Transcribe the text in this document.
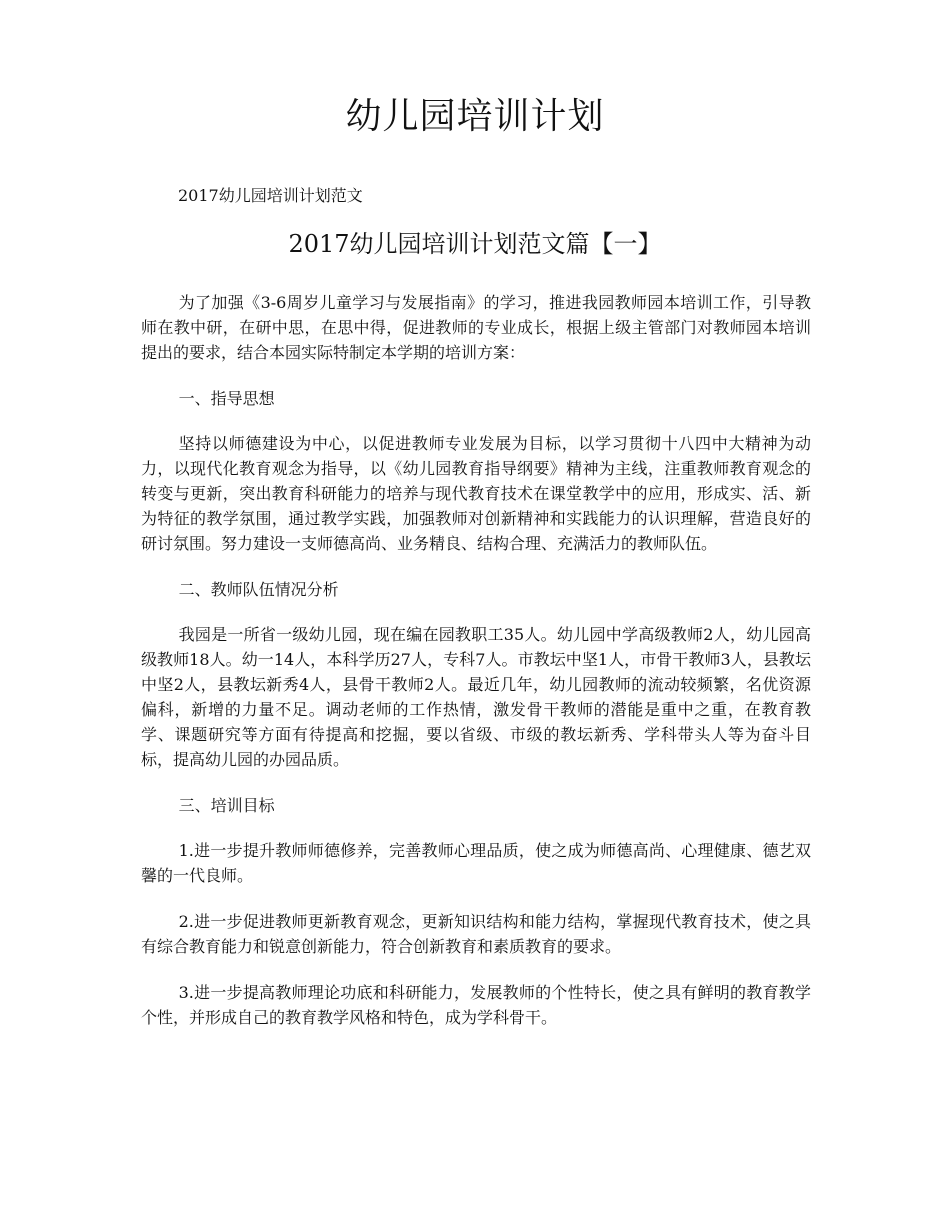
幼儿园培训计划
2017幼儿园培训计划范文
2017幼儿园培训计划范文篇【一】

为了加强《3-6周岁儿童学习与发展指南》的学习，推进我园教师园本培训工作，引导教师在教中研，在研中思，在思中得，促进教师的专业成长，根据上级主管部门对教师园本培训提出的要求，结合本园实际特制定本学期的培训方案：

一、指导思想

坚持以师德建设为中心，以促进教师专业发展为目标，以学习贯彻十八四中大精神为动力，以现代化教育观念为指导，以《幼儿园教育指导纲要》精神为主线，注重教师教育观念的转变与更新，突出教育科研能力的培养与现代教育技术在课堂教学中的应用，形成实、活、新为特征的教学氛围，通过教学实践，加强教师对创新精神和实践能力的认识理解，营造良好的研讨氛围。努力建设一支师德高尚、业务精良、结构合理、充满活力的教师队伍。

二、教师队伍情况分析

我园是一所省一级幼儿园，现在编在园教职工35人。幼儿园中学高级教师2人，幼儿园高级教师18人。幼一14人，本科学历27人，专科7人。市教坛中坚1人，市骨干教师3人，县教坛中坚2人，县教坛新秀4人，县骨干教师2人。最近几年，幼儿园教师的流动较频繁，名优资源偏科，新增的力量不足。调动老师的工作热情，激发骨干教师的潜能是重中之重，在教育教学、课题研究等方面有待提高和挖掘，要以省级、市级的教坛新秀、学科带头人等为奋斗目标，提高幼儿园的办园品质。

三、培训目标

1.进一步提升教师师德修养，完善教师心理品质，使之成为师德高尚、心理健康、德艺双馨的一代良师。

2.进一步促进教师更新教育观念，更新知识结构和能力结构，掌握现代教育技术，使之具有综合教育能力和锐意创新能力，符合创新教育和素质教育的要求。

3.进一步提高教师理论功底和科研能力，发展教师的个性特长，使之具有鲜明的教育教学个性，并形成自己的教育教学风格和特色，成为学科骨干。
